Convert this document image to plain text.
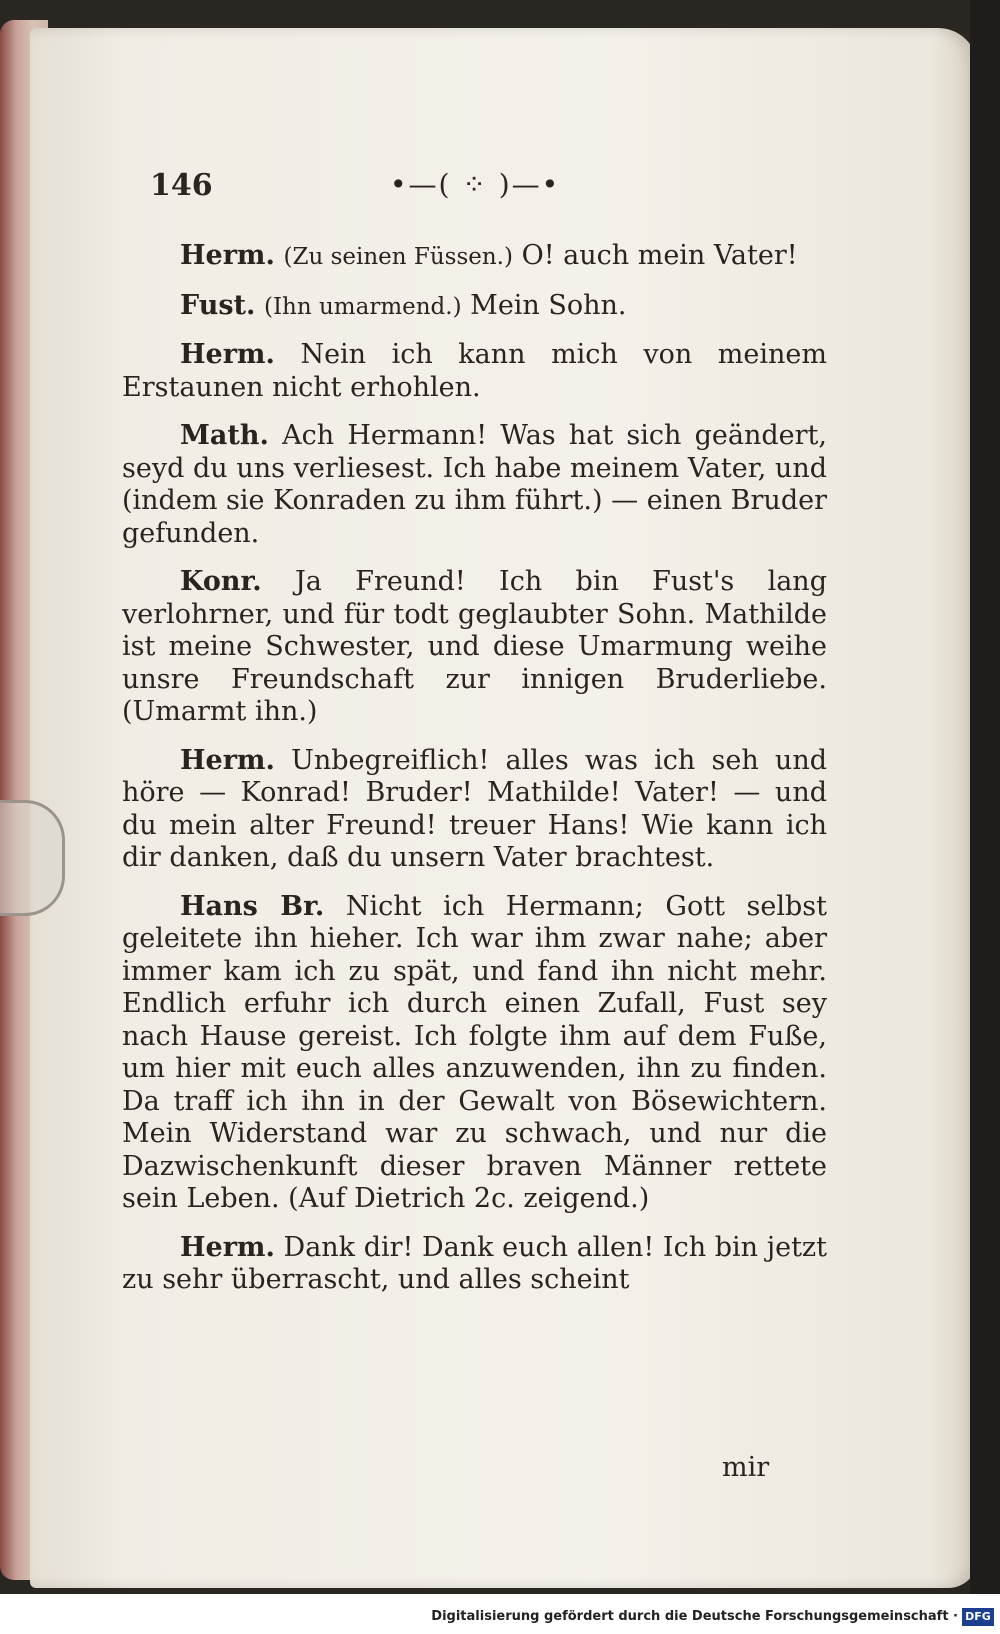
146	•—( ⁘ )—•

Herm. (Zu seinen Füssen.) O! auch mein Vater!

Fust. (Ihn umarmend.) Mein Sohn.

Herm. Nein ich kann mich von meinem Erstaunen nicht erhohlen.

Math. Ach Hermann! Was hat sich geändert, seyd du uns verliesest. Ich habe meinem Vater, und (indem sie Konraden zu ihm führt.) — einen Bruder gefunden.

Konr. Ja Freund! Ich bin Fust's lang verlohrner, und für todt geglaubter Sohn. Mathilde ist meine Schwester, und diese Umarmung weihe unsre Freundschaft zur innigen Bruderliebe. (Umarmt ihn.)

Herm. Unbegreiflich! alles was ich seh und höre — Konrad! Bruder! Mathilde! Vater! — und du mein alter Freund! treuer Hans! Wie kann ich dir danken, daß du unsern Vater brachtest.

Hans Br. Nicht ich Hermann; Gott selbst geleitete ihn hieher. Ich war ihm zwar nahe; aber immer kam ich zu spät, und fand ihn nicht mehr. Endlich erfuhr ich durch einen Zufall, Fust sey nach Hause gereist. Ich folgte ihm auf dem Fuße, um hier mit euch alles anzuwenden, ihn zu finden. Da traff ich ihn in der Gewalt von Bösewichtern. Mein Widerstand war zu schwach, und nur die Dazwischenkunft dieser braven Männer rettete sein Leben. (Auf Dietrich 2c. zeigend.)

Herm. Dank dir! Dank euch allen! Ich bin jetzt zu sehr überrascht, und alles scheint

mir
Digitalisierung gefördert durch die Deutsche Forschungsgemeinschaft · DFG
